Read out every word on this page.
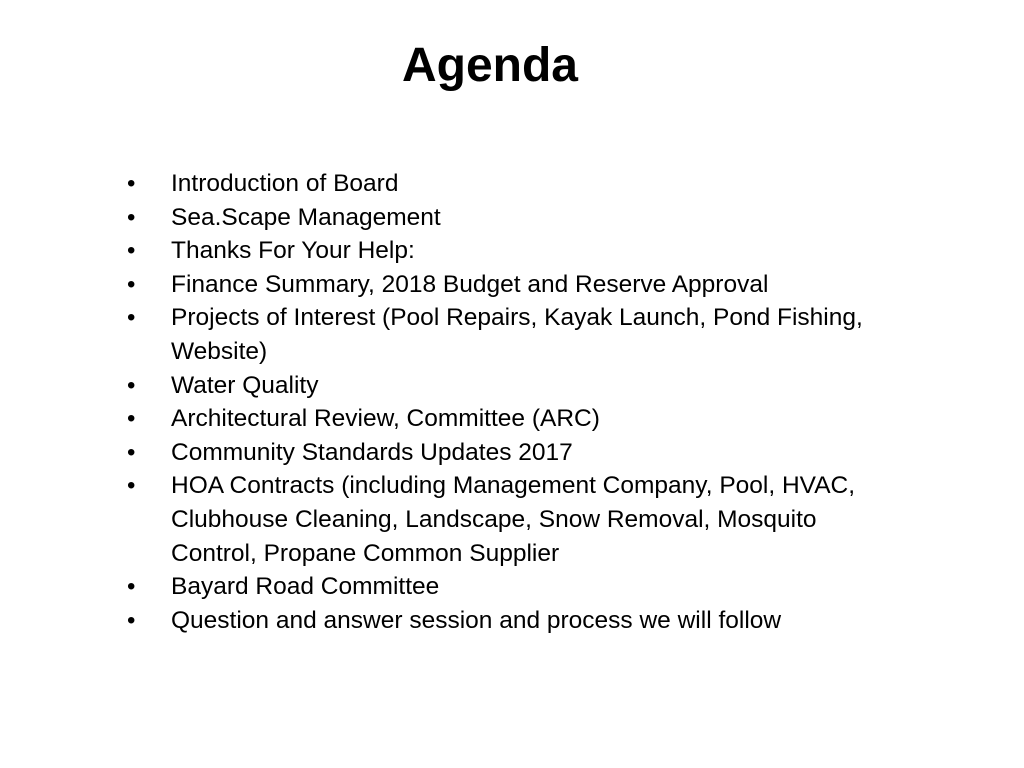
Agenda
•	Introduction of Board
•	Sea.Scape Management
•	Thanks For Your Help:
•	Finance Summary, 2018 Budget and Reserve Approval
•	Projects of Interest (Pool Repairs, Kayak Launch, Pond Fishing, Website)
•	Water Quality
•	Architectural Review, Committee (ARC)
•	Community Standards Updates 2017
•	HOA Contracts (including Management Company, Pool, HVAC, Clubhouse Cleaning, Landscape, Snow Removal, Mosquito Control, Propane Common Supplier
•	Bayard Road Committee
•	Question and answer session and process we will follow
